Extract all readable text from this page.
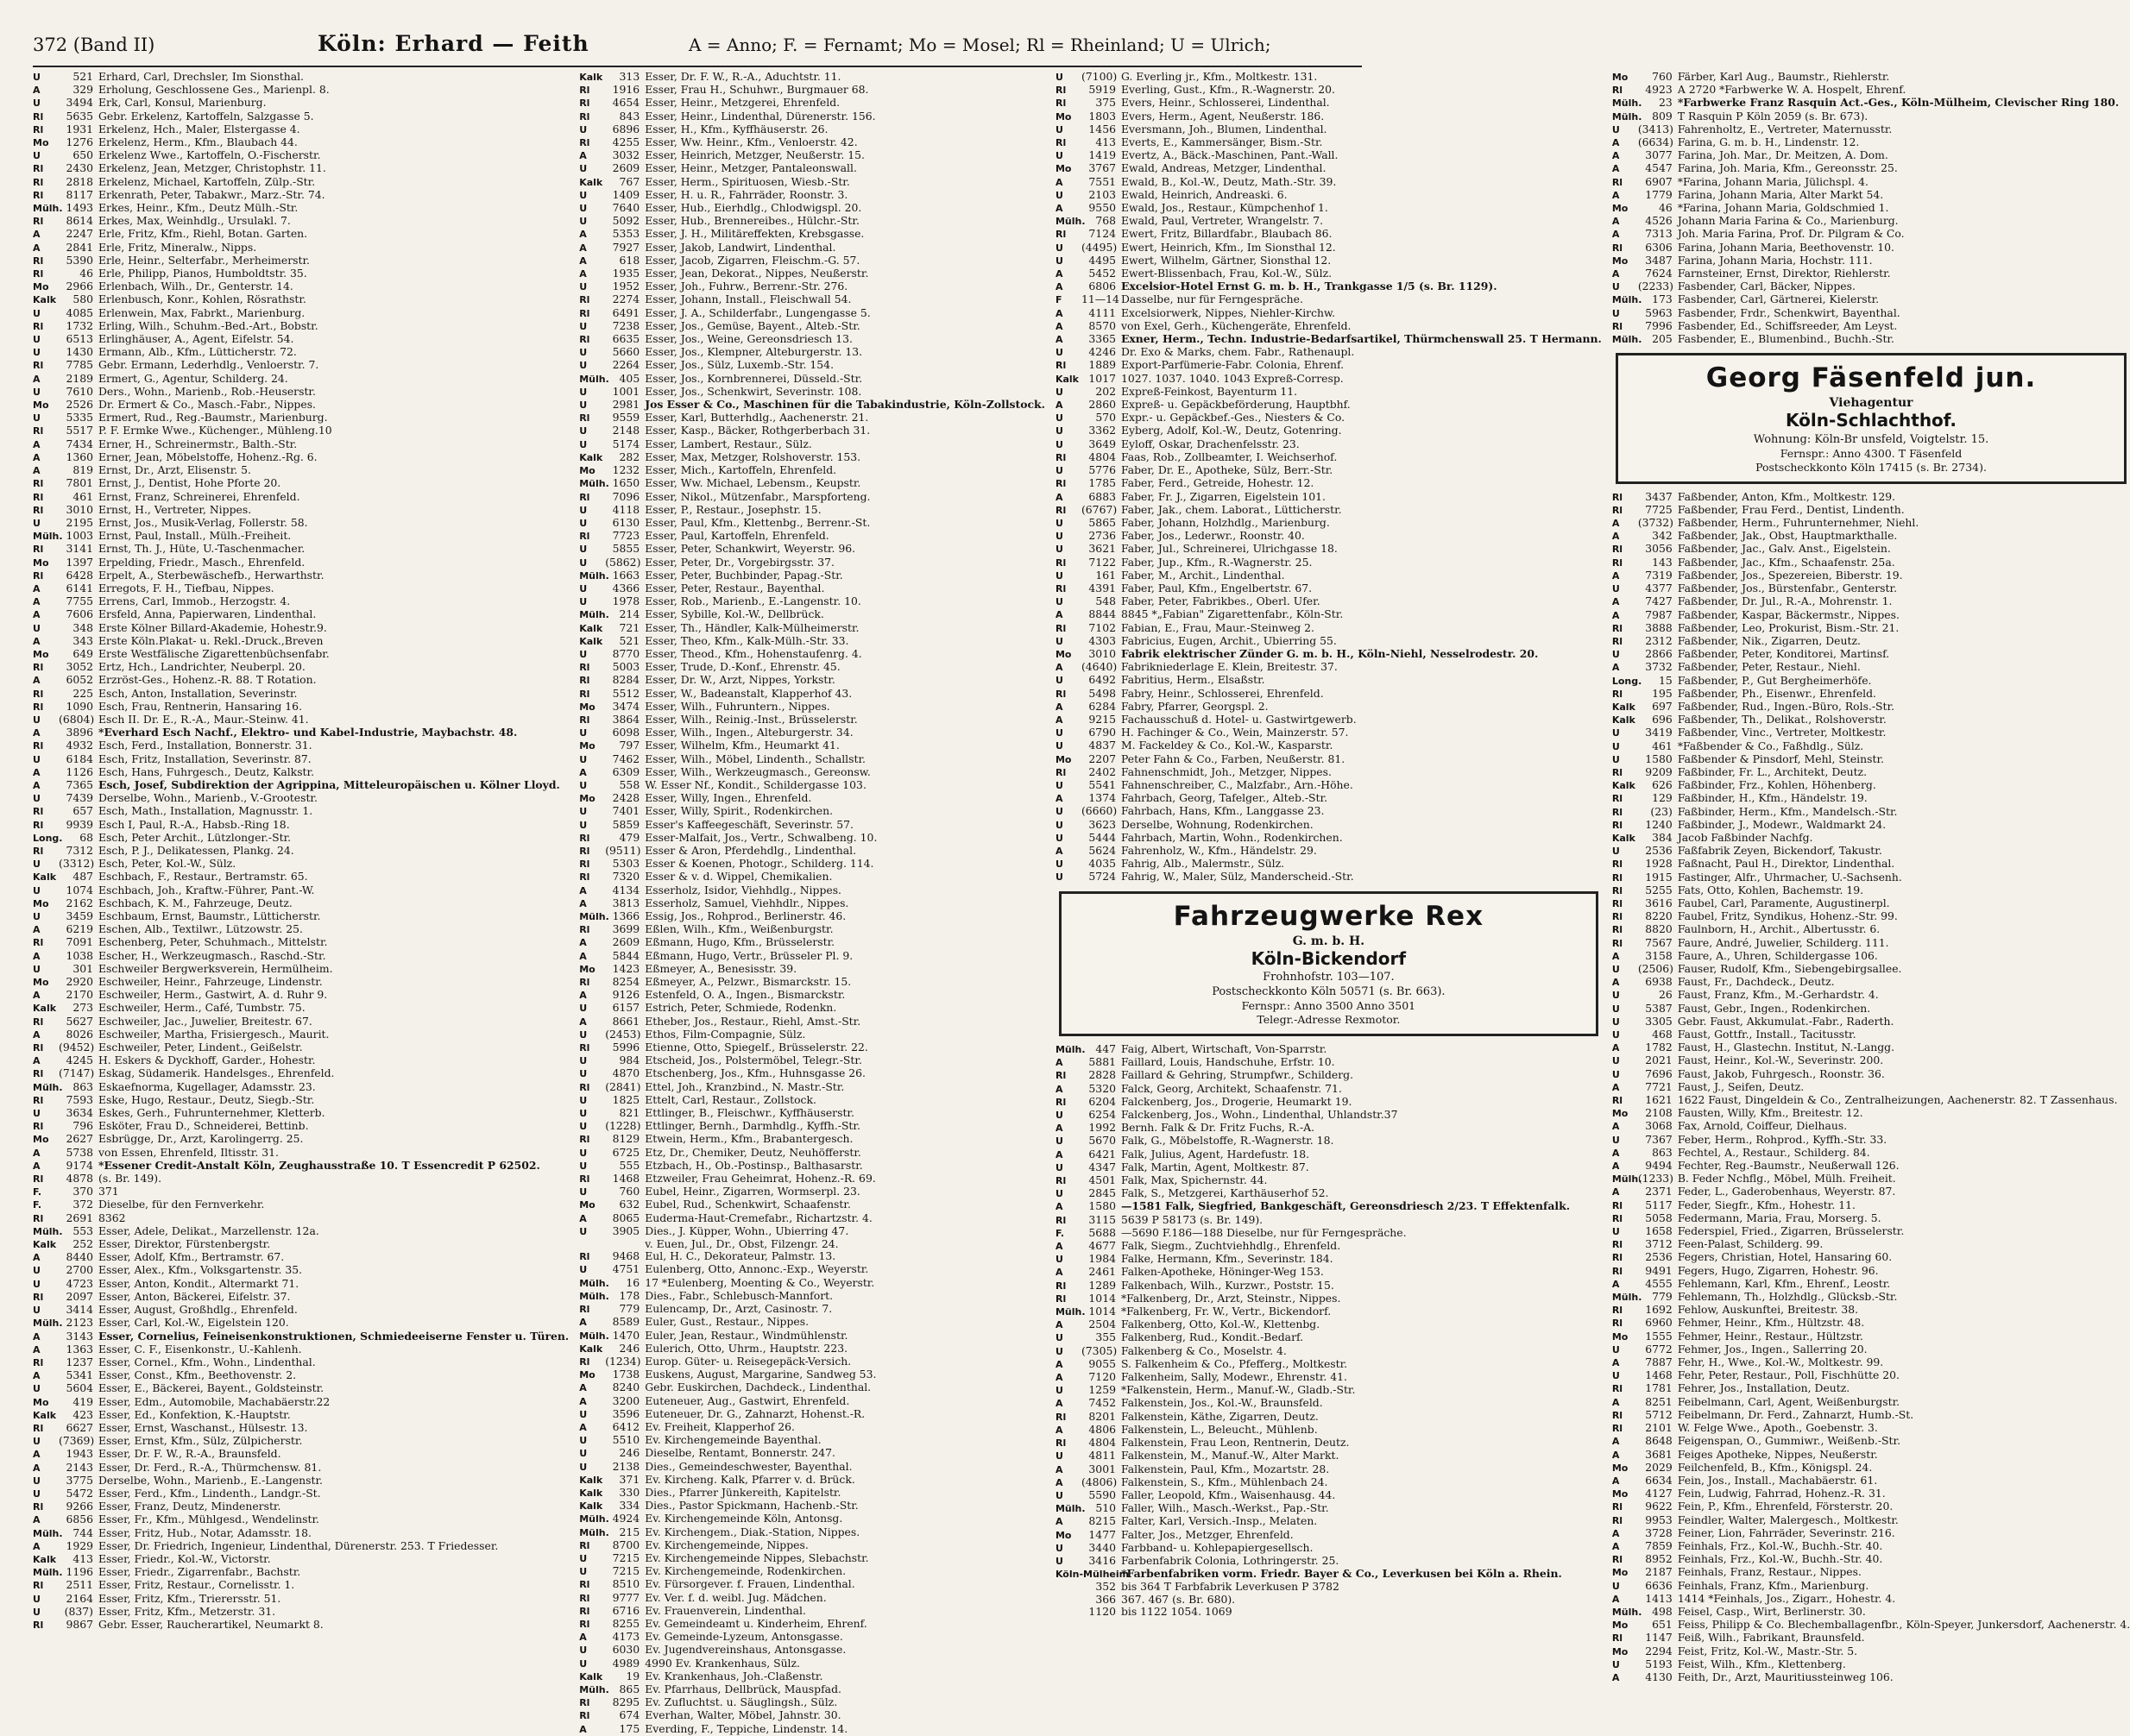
372 (Band II)	Köln: Erhard — Feith	A = Anno; F. = Fernamt; Mo = Mosel; Rl = Rheinland; U = Ulrich;
U	521 Erhard, Carl, Drechsler, Im Sionsthal.
A	329 Erholung, Geschlossene Ges., Marienpl. 8.
U 3494 Erk, Carl, Konsul, Marienburg.
Rl 5635 Gebr. Erkelenz, Kartoffeln, Salzgasse 5.
Rl 1931 Erkelenz, Hch., Maler, Elstergasse 4.
Mo 1276 Erkelenz, Herm., Kfm., Blaubach 44.
U	650 Erkelenz Wwe., Kartoffeln, O.-Fischerstr.
Rl 2430 Erkelenz, Jean, Metzger, Christophstr. 11.
Rl 2818 Erkelenz, Michael, Kartoffeln, Zülp.-Str.
Rl 8117 Erkenrath, Peter, Tabakwr., Marz.-Str. 74.
Mülh. 1493 Erkes, Heinr., Kfm., Deutz Mülh.-Str.
Rl 8614 Erkes, Max, Weinhdlg., Ursulakl. 7.
A 2247 Erle, Fritz, Kfm., Riehl, Botan. Garten.
A 2841 Erle, Fritz, Mineralw., Nipps.
Rl 5390 Erle, Heinr., Selterfabr., Merheimerstr.
Rl	46 Erle, Philipp, Pianos, Humboldtstr. 35.
Mo 2966 Erlenbach, Wilh., Dr., Genterstr. 14.
Kalk 580 Erlenbusch, Konr., Kohlen, Rösrathstr.
U 4085 Erlenwein, Max, Fabrkt., Marienburg.
Rl 1732 Erling, Wilh., Schuhm.-Bed.-Art., Bobstr.
U 6513 Erlinghäuser, A., Agent, Eifelstr. 54.
U 1430 Ermann, Alb., Kfm., Lütticherstr. 72.
Rl 7785 Gebr. Ermann, Lederhdlg., Venloerstr. 7.
A 2189 Ermert, G., Agentur, Schilderg. 24.
U 7610 Ders., Wohn., Marienb., Rob.-Heuserstr.
Mo 2526 Dr. Ermert & Co., Masch.-Fabr., Nippes.
U 5335 Ermert, Rud., Reg.-Baumstr., Marienburg.
Rl 5517 P. F. Ermke Wwe., Küchenger., Mühleng.10
A 7434 Erner, H., Schreinermstr., Balth.-Str.
A 1360 Erner, Jean, Möbelstoffe, Hohenz.-Rg. 6.
A	819 Ernst, Dr., Arzt, Elisenstr. 5.
Rl 7801 Ernst, J., Dentist, Hohe Pforte 20.
Rl	461 Ernst, Franz, Schreinerei, Ehrenfeld.
Rl 3010 Ernst, H., Vertreter, Nippes.
U 2195 Ernst, Jos., Musik-Verlag, Follerstr. 58.
Mülh. 1003 Ernst, Paul, Install., Mülh.-Freiheit.
Rl 3141 Ernst, Th. J., Hüte, U.-Taschenmacher.
Mo 1397 Erpelding, Friedr., Masch., Ehrenfeld.
Rl 6428 Erpelt, A., Sterbewäschefb., Herwarthstr.
A 6141 Erregots, F. H., Tiefbau, Nippes.
A 7755 Errens, Carl, Immob., Herzogstr. 4.
A 7606 Ersfeld, Anna, Papierwaren, Lindenthal.
U	348 Erste Kölner Billard-Akademie, Hohestr.9.
A	343 Erste Köln.Plakat- u. Rekl.-Druck.,Breven
Mo 649 Erste Westfälische Zigarettenbüchsenfabr.
Rl 3052 Ertz, Hch., Landrichter, Neuberpl. 20.
A 6052 Erzröst-Ges., Hohenz.-R. 88. T Rotation.
Rl	225 Esch, Anton, Installation, Severinstr.
Rl 1090 Esch, Frau, Rentnerin, Hansaring 16.
U (6804) Esch II. Dr. E., R.-A., Maur.-Steinw. 41.
A 3896 *Everhard Esch Nachf., Elektro- und Kabel-Industrie, Maybachstr. 48.
Rl 4932 Esch, Ferd., Installation, Bonnerstr. 31.
U 6184 Esch, Fritz, Installation, Severinstr. 87.
A 1126 Esch, Hans, Fuhrgesch., Deutz, Kalkstr.
A 7365 Esch, Josef, Subdirektion der Agrippina, Mitteleuropäischen u. Kölner Lloyd.
U 7439 Derselbe, Wohn., Marienb., V.-Grootestr.
Rl	657 Esch, Math., Installation, Magnusstr. 1.
Rl 9939 Esch I, Paul, R.-A., Habsb.-Ring 18.
Long. 68 Esch, Peter Archit., Lützlonger.-Str.
Rl 7312 Esch, P. J., Delikatessen, Plankg. 24.
U (3312) Esch, Peter, Kol.-W., Sülz.
Kalk 487 Eschbach, F., Restaur., Bertramstr. 65.
U 1074 Eschbach, Joh., Kraftw.-Führer, Pant.-W.
Mo 2162 Eschbach, K. M., Fahrzeuge, Deutz.
U 3459 Eschbaum, Ernst, Baumstr., Lütticherstr.
A 6219 Eschen, Alb., Textilwr., Lützowstr. 25.
Rl 7091 Eschenberg, Peter, Schuhmach., Mittelstr.
A 1038 Escher, H., Werkzeugmasch., Raschd.-Str.
U	301 Eschweiler Bergwerksverein, Hermülheim.
Mo 2920 Eschweiler, Heinr., Fahrzeuge, Lindenstr.
A 2170 Eschweiler, Herm., Gastwirt, A. d. Ruhr 9.
Kalk 273 Eschweiler, Herm., Café, Tumbstr. 75.
Rl 5627 Eschweiler, Jac., Juwelier, Breitestr. 67.
A 8026 Eschweiler, Martha, Frisiergesch., Maurit.
Rl (9452) Eschweiler, Peter, Lindent., Geißelstr.
A 4245 H. Eskers & Dyckhoff, Garder., Hohestr.
Rl (7147) Eskag, Südamerik. Handelsges., Ehrenfeld.
Mülh. 863 Eskaefnorma, Kugellager, Adamsstr. 23.
Rl 7593 Eske, Hugo, Restaur., Deutz, Siegb.-Str.
U 3634 Eskes, Gerh., Fuhrunternehmer, Kletterb.
Rl	796 Esköter, Frau D., Schneiderei, Bettinb.
Mo 2627 Esbrügge, Dr., Arzt, Karolingerrg. 25.
A 5738 von Essen, Ehrenfeld, Iltisstr. 31.
A 9174 *Essener Credit-Anstalt Köln, Zeughausstraße 10. T Essencredit P 62502.
Rl 4878 (s. Br. 149).
F.	370 371
F.	372 Dieselbe, für den Fernverkehr.
Rl 2691 8362
Mülh. 553 Esser, Adele, Delikat., Marzellenstr. 12a.
Kalk 252 Esser, Direktor, Fürstenbergstr.
A 8440 Esser, Adolf, Kfm., Bertramstr. 67.
U 2700 Esser, Alex., Kfm., Volksgartenstr. 35.
U 4723 Esser, Anton, Kondit., Altermarkt 71.
Rl 2097 Esser, Anton, Bäckerei, Eifelstr. 37.
U 3414 Esser, August, Großhdlg., Ehrenfeld.
Mülh. 2123 Esser, Carl, Kol.-W., Eigelstein 120.
A 3143 Esser, Cornelius, Feineisenkonstruktionen, Schmiedeeiserne Fenster u. Türen.
A 1363 Esser, C. F., Eisenkonstr., U.-Kahlenh.
Rl 1237 Esser, Cornel., Kfm., Wohn., Lindenthal.
A 5341 Esser, Const., Kfm., Beethovenstr. 2.
U 5604 Esser, E., Bäckerei, Bayent., Goldsteinstr.
Mo 419 Esser, Edm., Automobile, Machabäerstr.22
Kalk 423 Esser, Ed., Konfektion, K.-Hauptstr.
Rl 6627 Esser, Ernst, Waschanst., Hülsestr. 13.
U (7369) Esser, Ernst, Kfm., Sülz, Zülpicherstr.
A 1943 Esser, Dr. F. W., R.-A., Braunsfeld.
A 2143 Esser, Dr. Ferd., R.-A., Thürmchensw. 81.
U 3775 Derselbe, Wohn., Marienb., E.-Langenstr.
U 5472 Esser, Ferd., Kfm., Lindenth., Landgr.-St.
Rl 9266 Esser, Franz, Deutz, Mindenerstr.
A 6856 Esser, Fr., Kfm., Mühlgesd., Wendelinstr.
Mülh. 744 Esser, Fritz, Hub., Notar, Adamsstr. 18.
A 1929 Esser, Dr. Friedrich, Ingenieur, Lindenthal, Dürenerstr. 253. T Friedesser.
Kalk 413 Esser, Friedr., Kol.-W., Victorstr.
Mülh. 1196 Esser, Friedr., Zigarrenfabr., Bachstr.
Rl 2511 Esser, Fritz, Restaur., Cornelisstr. 1.
U 2164 Esser, Fritz, Kfm., Trierersstr. 51.
U (837) Esser, Fritz, Kfm., Metzerstr. 31.
Rl 9867 Gebr. Esser, Raucherartikel, Neumarkt 8.
Kalk 313 Esser, Dr. F. W., R.-A., Aduchtstr. 11.
Rl 1916 Esser, Frau H., Schuhwr., Burgmauer 68.
Rl 4654 Esser, Heinr., Metzgerei, Ehrenfeld.
Rl	843 Esser, Heinr., Lindenthal, Dürenerstr. 156.
U 6896 Esser, H., Kfm., Kyffhäuserstr. 26.
Rl 4255 Esser, Ww. Heinr., Kfm., Venloerstr. 42.
A 3032 Esser, Heinrich, Metzger, Neußerstr. 15.
U 2609 Esser, Heinr., Metzger, Pantaleonswall.
Kalk 767 Esser, Herm., Spirituosen, Wiesb.-Str.
U 1409 Esser, H. u. R., Fahrräder, Roonstr. 3.
U 7640 Esser, Hub., Eierhdlg., Chlodwigspl. 20.
U 5092 Esser, Hub., Brennereibes., Hülchr.-Str.
A 5353 Esser, J. H., Militäreffekten, Krebsgasse.
A 7927 Esser, Jakob, Landwirt, Lindenthal.
A	618 Esser, Jacob, Zigarren, Fleischm.-G. 57.
A 1935 Esser, Jean, Dekorat., Nippes, Neußerstr.
U 1952 Esser, Joh., Fuhrw., Berrenr.-Str. 276.
Rl 2274 Esser, Johann, Install., Fleischwall 54.
Rl 6491 Esser, J. A., Schilderfabr., Lungengasse 5.
U 7238 Esser, Jos., Gemüse, Bayent., Alteb.-Str.
Rl 6635 Esser, Jos., Weine, Gereonsdriesch 13.
U 5660 Esser, Jos., Klempner, Alteburgerstr. 13.
U 2264 Esser, Jos., Sülz, Luxemb.-Str. 154.
Mülh. 405 Esser, Jos., Kornbrennerei, Düsseld.-Str.
U 1001 Esser, Jos., Schenkwirt, Severinstr. 108.
U 2981 Jos Esser & Co., Maschinen für die Tabakindustrie, Köln-Zollstock.
Rl 9559 Esser, Karl, Butterhdlg., Aachenerstr. 21.
U 2148 Esser, Kasp., Bäcker, Rothgerberbach 31.
U 5174 Esser, Lambert, Restaur., Sülz.
Kalk 282 Esser, Max, Metzger, Rolshoverstr. 153.
Mo 1232 Esser, Mich., Kartoffeln, Ehrenfeld.
Mülh. 1650 Esser, Ww. Michael, Lebensm., Keupstr.
Rl 7096 Esser, Nikol., Mützenfabr., Marspforteng.
U 4118 Esser, P., Restaur., Josephstr. 15.
U 6130 Esser, Paul, Kfm., Klettenbg., Berrenr.-St.
Rl 7723 Esser, Paul, Kartoffeln, Ehrenfeld.
U 5855 Esser, Peter, Schankwirt, Weyerstr. 96.
U (5862) Esser, Peter, Dr., Vorgebirgsstr. 37.
Mülh. 1663 Esser, Peter, Buchbinder, Papag.-Str.
U 4366 Esser, Peter, Restaur., Bayenthal.
U 1978 Esser, Rob., Marienb., E.-Langenstr. 10.
Mülh. 214 Esser, Sybille, Kol.-W., Dellbrück.
Kalk 721 Esser, Th., Händler, Kalk-Mülheimerstr.
Kalk 521 Esser, Theo, Kfm., Kalk-Mülh.-Str. 33.
U 8770 Esser, Theod., Kfm., Hohenstaufenrg. 4.
Rl 5003 Esser, Trude, D.-Konf., Ehrenstr. 45.
Rl 8284 Esser, Dr. W., Arzt, Nippes, Yorkstr.
Rl 5512 Esser, W., Badeanstalt, Klapperhof 43.
Mo 3474 Esser, Wilh., Fuhruntern., Nippes.
Rl 3864 Esser, Wilh., Reinig.-Inst., Brüsselerstr.
U 6098 Esser, Wilh., Ingen., Alteburgerstr. 34.
Mo 797 Esser, Wilhelm, Kfm., Heumarkt 41.
U 7462 Esser, Wilh., Möbel, Lindenth., Schallstr.
A 6309 Esser, Wilh., Werkzeugmasch., Gereonsw.
U	558 W. Esser Nf., Kondit., Schildergasse 103.
Mo 2428 Esser, Willy, Ingen., Ehrenfeld.
U 7401 Esser, Willy, Spirit., Rodenkirchen.
U 5859 Esser's Kaffeegeschäft, Severinstr. 57.
Rl	479 Esser-Malfait, Jos., Vertr., Schwalbeng. 10.
Rl (9511) Esser & Aron, Pferdehdlg., Lindenthal.
Rl 5303 Esser & Koenen, Photogr., Schilderg. 114.
Rl 7320 Esser & v. d. Wippel, Chemikalien.
A 4134 Esserholz, Isidor, Viehhdlg., Nippes.
A 3813 Esserholz, Samuel, Viehhdlr., Nippes.
Mülh. 1366 Essig, Jos., Rohprod., Berlinerstr. 46.
Rl 3699 Eßlen, Wilh., Kfm., Weißenburgstr.
A 2609 Eßmann, Hugo, Kfm., Brüsselerstr.
A 5844 Eßmann, Hugo, Vertr., Brüsseler Pl. 9.
Mo 1423 Eßmeyer, A., Benesisstr. 39.
Rl 8254 Eßmeyer, A., Pelzwr., Bismarckstr. 15.
A 9126 Estenfeld, O. A., Ingen., Bismarckstr.
U 6157 Estrich, Peter, Schmiede, Rodenkn.
A 8661 Etheber, Jos., Restaur., Riehl, Amst.-Str.
U (2453) Ethos, Film-Compagnie, Sülz.
Rl 5996 Etienne, Otto, Spiegelf., Brüsselerstr. 22.
U	984 Etscheid, Jos., Polstermöbel, Telegr.-Str.
U 4870 Etschenberg, Jos., Kfm., Huhnsgasse 26.
Rl (2841) Ettel, Joh., Kranzbind., N. Mastr.-Str.
U 1825 Ettelt, Carl, Restaur., Zollstock.
U	821 Ettlinger, B., Fleischwr., Kyffhäuserstr.
U (1228) Ettlinger, Bernh., Darmhdlg., Kyffh.-Str.
Rl 8129 Etwein, Herm., Kfm., Brabantergesch.
U 6725 Etz, Dr., Chemiker, Deutz, Neuhöfferstr.
U	555 Etzbach, H., Ob.-Postinsp., Balthasarstr.
Rl 1468 Etzweiler, Frau Geheimrat, Hohenz.-R. 69.
U	760 Eubel, Heinr., Zigarren, Wormserpl. 23.
Mo 632 Eubel, Rud., Schenkwirt, Schaafenstr.
A 8065 Euderma-Haut-Cremefabr., Richartzstr. 4.
U 3905 Dies., J. Küpper, Wohn., Ubierring 47.
v. Euen, Jul., Dr., Obst, Filzengr. 24.
Rl 9468 Eul, H. C., Dekorateur, Palmstr. 13.
U 4751 Eulenberg, Otto, Annonc.-Exp., Weyerstr.
Mülh. 16 17 *Eulenberg, Moenting & Co., Weyerstr.
Mülh. 178 Dies., Fabr., Schlebusch-Mannfort.
Rl	779 Eulencamp, Dr., Arzt, Casinostr. 7.
A 8589 Euler, Gust., Restaur., Nippes.
Mülh. 1470 Euler, Jean, Restaur., Windmühlenstr.
Kalk 246 Eulerich, Otto, Uhrm., Hauptstr. 223.
Rl (1234) Europ. Güter- u. Reisegepäck-Versich.
Mo 1738 Euskens, August, Margarine, Sandweg 53.
A 8240 Gebr. Euskirchen, Dachdeck., Lindenthal.
A 3200 Euteneuer, Aug., Gastwirt, Ehrenfeld.
U 3596 Euteneuer, Dr. G., Zahnarzt, Hohenst.-R.
A 6412 Ev. Freiheit, Klapperhof 26.
U 5510 Ev. Kirchengemeinde Bayenthal.
U	246 Dieselbe, Rentamt, Bonnerstr. 247.
U 2138 Dies., Gemeindeschwester, Bayenthal.
Kalk 371 Ev. Kircheng. Kalk, Pfarrer v. d. Brück.
Kalk 330 Dies., Pfarrer Jünkereith, Kapitelstr.
Kalk 334 Dies., Pastor Spickmann, Hachenb.-Str.
Mülh. 4924 Ev. Kirchengemeinde Köln, Antonsg.
Mülh. 215 Ev. Kirchengem., Diak.-Station, Nippes.
Rl 8700 Ev. Kirchengemeinde, Nippes.
U 7215 Ev. Kirchengemeinde Nippes, Slebachstr.
U 7215 Ev. Kirchengemeinde, Rodenkirchen.
Rl 8510 Ev. Fürsorgever. f. Frauen, Lindenthal.
Rl 9777 Ev. Ver. f. d. weibl. Jug. Mädchen.
Rl 6716 Ev. Frauenverein, Lindenthal.
Rl 8255 Ev. Gemeindeamt u. Kinderheim, Ehrenf.
A 4173 Ev. Gemeinde-Lyzeum, Antonsgasse.
U 6030 Ev. Jugendvereinshaus, Antonsgasse.
U 4989 4990 Ev. Krankenhaus, Sülz.
Kalk 19 Ev. Krankenhaus, Joh.-Claßenstr.
Mülh. 865 Ev. Pfarrhaus, Dellbrück, Mauspfad.
Rl 8295 Ev. Zufluchtst. u. Säuglingsh., Sülz.
Rl	674 Everhan, Walter, Möbel, Jahnstr. 30.
A	175 Everding, F., Teppiche, Lindenstr. 14.
U (7100) G. Everling jr., Kfm., Moltkestr. 131.
Rl 5919 Everling, Gust., Kfm., R.-Wagnerstr. 20.
Rl	375 Evers, Heinr., Schlosserei, Lindenthal.
Mo 1803 Evers, Herm., Agent, Neußerstr. 186.
U 1456 Eversmann, Joh., Blumen, Lindenthal.
Rl	413 Everts, E., Kammersänger, Bism.-Str.
U 1419 Evertz, A., Bäck.-Maschinen, Pant.-Wall.
Mo 3767 Ewald, Andreas, Metzger, Lindenthal.
A 7551 Ewald, B., Kol.-W., Deutz, Math.-Str. 39.
U 2103 Ewald, Heinrich, Andreaski. 6.
A 9550 Ewald, Jos., Restaur., Kümpchenhof 1.
Mülh. 768 Ewald, Paul, Vertreter, Wrangelstr. 7.
Rl 7124 Ewert, Fritz, Billardfabr., Blaubach 86.
U (4495) Ewert, Heinrich, Kfm., Im Sionsthal 12.
U 4495 Ewert, Wilhelm, Gärtner, Sionsthal 12.
A 5452 Ewert-Blissenbach, Frau, Kol.-W., Sülz.
A 6806 Excelsior-Hotel Ernst G. m. b. H., Trankgasse 1/5 (s. Br. 1129).
F 11—14 Dasselbe, nur für Ferngespräche.
A 4111 Excelsiorwerk, Nippes, Niehler-Kirchw.
A 8570 von Exel, Gerh., Küchengeräte, Ehrenfeld.
A 3365 Exner, Herm., Techn. Industrie-Bedarfsartikel, Thürmchenswall 25. T Hermann.
U 4246 Dr. Exo & Marks, chem. Fabr., Rathenaupl.
Rl 1889 Export-Parfümerie-Fabr. Colonia, Ehrenf.
Kalk 1017 1027. 1037. 1040. 1043 Expreß-Corresp.
U	202 Expreß-Feinkost, Bayenturm 11.
A 2860 Expreß- u. Gepäckbeförderung, Hauptbhf.
U	570 Expr.- u. Gepäckbef.-Ges., Niesters & Co.
U 3362 Eyberg, Adolf, Kol.-W., Deutz, Gotenring.
U 3649 Eyloff, Oskar, Drachenfelsstr. 23.
Rl 4804 Faas, Rob., Zollbeamter, I. Weichserhof.
U 5776 Faber, Dr. E., Apotheke, Sülz, Berr.-Str.
Rl 1785 Faber, Ferd., Getreide, Hohestr. 12.
A 6883 Faber, Fr. J., Zigarren, Eigelstein 101.
Rl (6767) Faber, Jak., chem. Laborat., Lütticherstr.
U 5865 Faber, Johann, Holzhdlg., Marienburg.
U 2736 Faber, Jos., Lederwr., Roonstr. 40.
U 3621 Faber, Jul., Schreinerei, Ulrichgasse 18.
Rl 7122 Faber, Jup., Kfm., R.-Wagnerstr. 25.
U	161 Faber, M., Archit., Lindenthal.
Rl 4391 Faber, Paul, Kfm., Engelbertstr. 67.
U	548 Faber, Peter, Fabrikbes., Oberl. Ufer.
A 8844 8845 *„Fabian" Zigarettenfabr., Köln-Str.
Rl 7102 Fabian, E., Frau, Maur.-Steinweg 2.
U 4303 Fabricius, Eugen, Archit., Ubierring 55.
Mo 3010 Fabrik elektrischer Zünder G. m. b. H., Köln-Niehl, Nesselrodestr. 20.
A (4640) Fabrikniederlage E. Klein, Breitestr. 37.
U 6492 Fabritius, Herm., Elsaßstr.
Rl 5498 Fabry, Heinr., Schlosserei, Ehrenfeld.
A 6284 Fabry, Pfarrer, Georgspl. 2.
A 9215 Fachausschuß d. Hotel- u. Gastwirtgewerb.
U 6790 H. Fachinger & Co., Wein, Mainzerstr. 57.
U 4837 M. Fackeldey & Co., Kol.-W., Kasparstr.
Mo 2207 Peter Fahn & Co., Farben, Neußerstr. 81.
Rl 2402 Fahnenschmidt, Joh., Metzger, Nippes.
U 5541 Fahnenschreiber, C., Malzfabr., Arn.-Höhe.
A 1374 Fahrbach, Georg, Tafelger., Alteb.-Str.
U (6660) Fahrbach, Hans, Kfm., Langgasse 23.
U 3623 Derselbe, Wohnung, Rodenkirchen.
U 5444 Fahrbach, Martin, Wohn., Rodenkirchen.
A 5624 Fahrenholz, W., Kfm., Händelstr. 29.
U 4035 Fahrig, Alb., Malermstr., Sülz.
U 5724 Fahrig, W., Maler, Sülz, Manderscheid.-Str.
Fahrzeugwerke Rex
G. m. b. H.
Köln-Bickendorf
Frohnhofstr. 103—107.
Postscheckkonto Köln 50571 (s. Br. 663).
Fernspr.: Anno 3500 Anno 3501
Telegr.-Adresse Rexmotor.
Mülh. 447 Faig, Albert, Wirtschaft, Von-Sparrstr.
A 5881 Faillard, Louis, Handschuhe, Erfstr. 10.
Rl 2828 Faillard & Gehring, Strumpfwr., Schilderg.
A 5320 Falck, Georg, Architekt, Schaafenstr. 71.
Rl 6204 Falckenberg, Jos., Drogerie, Heumarkt 19.
U 6254 Falckenberg, Jos., Wohn., Lindenthal, Uhlandstr.37
A 1992 Bernh. Falk & Dr. Fritz Fuchs, R.-A.
U 5670 Falk, G., Möbelstoffe, R.-Wagnerstr. 18.
A 6421 Falk, Julius, Agent, Hardefustr. 18.
U 4347 Falk, Martin, Agent, Moltkestr. 87.
Rl 4501 Falk, Max, Spichernstr. 44.
U 2845 Falk, S., Metzgerei, Karthäuserhof 52.
A 1580 —1581 Falk, Siegfried, Bankgeschäft, Gereonsdriesch 2/23. T Effektenfalk.
Rl 3115 5639 P 58173 (s. Br. 149).
F. 5688 —5690 F.186—188 Dieselbe, nur für Ferngespräche.
A 4677 Falk, Siegm., Zuchtviehhdlg., Ehrenfeld.
U 1984 Falke, Hermann, Kfm., Severinstr. 184.
A 2461 Falken-Apotheke, Höninger-Weg 153.
Rl 1289 Falkenbach, Wilh., Kurzwr., Poststr. 15.
Rl 1014 *Falkenberg, Dr., Arzt, Steinstr., Nippes.
Mülh. 1014 *Falkenberg, Fr. W., Vertr., Bickendorf.
A 2504 Falkenberg, Otto, Kol.-W., Klettenbg.
U	355 Falkenberg, Rud., Kondit.-Bedarf.
U (7305) Falkenberg & Co., Moselstr. 4.
A 9055 S. Falkenheim & Co., Pfefferg., Moltkestr.
A 7120 Falkenheim, Sally, Modewr., Ehrenstr. 41.
U 1259 *Falkenstein, Herm., Manuf.-W., Gladb.-Str.
A 7452 Falkenstein, Jos., Kol.-W., Braunsfeld.
Rl 8201 Falkenstein, Käthe, Zigarren, Deutz.
A 4806 Falkenstein, L., Beleucht., Mühlenb.
Rl 4804 Falkenstein, Frau Leon, Rentnerin, Deutz.
U 4811 Falkenstein, M., Manuf.-W., Alter Markt.
A 3001 Falkenstein, Paul, Kfm., Mozartstr. 28.
A (4806) Falkenstein, S., Kfm., Mühlenbach 24.
U 5590 Faller, Leopold, Kfm., Waisenhausg. 44.
Mülh. 510 Faller, Wilh., Masch.-Werkst., Pap.-Str.
A 8215 Falter, Karl, Versich.-Insp., Melaten.
Mo 1477 Falter, Jos., Metzger, Ehrenfeld.
U 3440 Farbband- u. Kohlepapiergesellsch.
U 3416 Farbenfabrik Colonia, Lothringerstr. 25.
Köln-Mülheim*Farbenfabriken vorm. Friedr. Bayer & Co., Leverkusen bei Köln a. Rhein.
352 bis 364 T Farbfabrik Leverkusen P 3782
366 367. 467 (s. Br. 680).
1120 bis 1122 1054. 1069
Mo 760 Färber, Karl Aug., Baumstr., Riehlerstr.
Rl 4923 A 2720 *Farbwerke W. A. Hospelt, Ehrenf.
Mülh. 23 *Farbwerke Franz Rasquin Act.-Ges., Köln-Mülheim, Clevischer Ring 180.
Mülh. 809 T Rasquin P Köln 2059 (s. Br. 673).
U (3413) Fahrenholtz, E., Vertreter, Maternusstr.
A (6634) Farina, G. m. b. H., Lindenstr. 12.
A 3077 Farina, Joh. Mar., Dr. Meitzen, A. Dom.
A 4547 Farina, Joh. Maria, Kfm., Gereonsstr. 25.
Rl 6907 *Farina, Johann Maria, Jülichspl. 4.
A 1779 Farina, Johann Maria, Alter Markt 54.
Mo	46 *Farina, Johann Maria, Goldschmied 1.
A 4526 Johann Maria Farina & Co., Marienburg.
A 7313 Joh. Maria Farina, Prof. Dr. Pilgram & Co.
Rl 6306 Farina, Johann Maria, Beethovenstr. 10.
Mo 3487 Farina, Johann Maria, Hochstr. 111.
A 7624 Farnsteiner, Ernst, Direktor, Riehlerstr.
U (2233) Fasbender, Carl, Bäcker, Nippes.
Mülh. 173 Fasbender, Carl, Gärtnerei, Kielerstr.
U 5963 Fasbender, Frdr., Schenkwirt, Bayenthal.
Rl 7996 Fasbender, Ed., Schiffsreeder, Am Leyst.
Mülh. 205 Fasbender, E., Blumenbind., Buchh.-Str.
Georg Fäsenfeld jun.
Viehagentur
Köln-Schlachthof.
Wohnung: Köln-Br unsfeld, Voigtelstr. 15.
Fernspr.: Anno 4300. T Fäsenfeld
Postscheckkonto Köln 17415 (s. Br. 2734).
Rl 3437 Faßbender, Anton, Kfm., Moltkestr. 129.
Rl 7725 Faßbender, Frau Ferd., Dentist, Lindenth.
A (3732) Faßbender, Herm., Fuhrunternehmer, Niehl.
A	342 Faßbender, Jak., Obst, Hauptmarkthalle.
Rl 3056 Faßbender, Jac., Galv. Anst., Eigelstein.
Rl	143 Faßbender, Jac., Kfm., Schaafenstr. 25a.
A 7319 Faßbender, Jos., Spezereien, Biberstr. 19.
U 4377 Faßbender, Jos., Bürstenfabr., Genterstr.
A 7427 Faßbender, Dr. Jul., R.-A., Mohrenstr. 1.
A 7987 Faßbender, Kaspar, Bäckermstr., Nippes.
Rl 3888 Faßbender, Leo, Prokurist, Bism.-Str. 21.
Rl 2312 Faßbender, Nik., Zigarren, Deutz.
U 2866 Faßbender, Peter, Konditorei, Martinsf.
A 3732 Faßbender, Peter, Restaur., Niehl.
Long. 15 Faßbender, P., Gut Bergheimerhöfe.
Rl	195 Faßbender, Ph., Eisenwr., Ehrenfeld.
Kalk 697 Faßbender, Rud., Ingen.-Büro, Rols.-Str.
Kalk 696 Faßbender, Th., Delikat., Rolshoverstr.
U 3419 Faßbender, Vinc., Vertreter, Moltkestr.
U	461 *Faßbender & Co., Faßhdlg., Sülz.
U 1580 Faßbender & Pinsdorf, Mehl, Steinstr.
Rl 9209 Faßbinder, Fr. L., Architekt, Deutz.
Kalk 626 Faßbinder, Frz., Kohlen, Höhenberg.
Rl	129 Faßbinder, H., Kfm., Händelstr. 19.
Rl	(23) Faßbinder, Herm., Kfm., Mandelsch.-Str.
Rl 1240 Faßbinder, J., Modewr., Waldmarkt 24.
Kalk 384 Jacob Faßbinder Nachfg.
U 2536 Faßfabrik Zeyen, Bickendorf, Takustr.
Rl 1928 Faßnacht, Paul H., Direktor, Lindenthal.
Rl 1915 Fastinger, Alfr., Uhrmacher, U.-Sachsenh.
Rl 5255 Fats, Otto, Kohlen, Bachemstr. 19.
Rl 3616 Faubel, Carl, Paramente, Augustinerpl.
Rl 8220 Faubel, Fritz, Syndikus, Hohenz.-Str. 99.
Rl 8820 Faulnborn, H., Archit., Albertusstr. 6.
Rl 7567 Faure, André, Juwelier, Schilderg. 111.
A 3158 Faure, A., Uhren, Schildergasse 106.
U (2506) Fauser, Rudolf, Kfm., Siebengebirgsallee.
A 6938 Faust, Fr., Dachdeck., Deutz.
U	26 Faust, Franz, Kfm., M.-Gerhardstr. 4.
U 5387 Faust, Gebr., Ingen., Rodenkirchen.
U 3305 Gebr. Faust, Akkumulat.-Fabr., Raderth.
U	468 Faust, Gottfr., Install., Tacitusstr.
A 1782 Faust, H., Glastechn. Institut, N.-Langg.
U 2021 Faust, Heinr., Kol.-W., Severinstr. 200.
U 7696 Faust, Jakob, Fuhrgesch., Roonstr. 36.
A 7721 Faust, J., Seifen, Deutz.
Rl 1621 1622 Faust, Dingeldein & Co., Zentralheizungen, Aachenerstr. 82. T Zassenhaus.
Mo 2108 Fausten, Willy, Kfm., Breitestr. 12.
A 3068 Fax, Arnold, Coiffeur, Dielhaus.
U 7367 Feber, Herm., Rohprod., Kyffh.-Str. 33.
A	863 Fechtel, A., Restaur., Schilderg. 84.
A 9494 Fechter, Reg.-Baumstr., Neußerwall 126.
Mülh.(1233) B. Feder Nchflg., Möbel, Mülh. Freiheit.
A 2371 Feder, L., Gaderobenhaus, Weyerstr. 87.
Rl 5117 Feder, Siegfr., Kfm., Hohestr. 11.
Rl 5058 Federmann, Maria, Frau, Morserg. 5.
U 1658 Federspiel, Fried., Zigarren, Brüsselerstr.
Rl 3712 Feen-Palast, Schilderg. 99.
Rl 2536 Fegers, Christian, Hotel, Hansaring 60.
Rl 9491 Fegers, Hugo, Zigarren, Hohestr. 96.
A 4555 Fehlemann, Karl, Kfm., Ehrenf., Leostr.
Mülh. 779 Fehlemann, Th., Holzhdlg., Glücksb.-Str.
Rl 1692 Fehlow, Auskunftei, Breitestr. 38.
Rl 6960 Fehmer, Heinr., Kfm., Hültzstr. 48.
Mo 1555 Fehmer, Heinr., Restaur., Hültzstr.
U 6772 Fehmer, Jos., Ingen., Sallerring 20.
A 7887 Fehr, H., Wwe., Kol.-W., Moltkestr. 99.
U 1468 Fehr, Peter, Restaur., Poll, Fischhütte 20.
Rl 1781 Fehrer, Jos., Installation, Deutz.
A 8251 Feibelmann, Carl, Agent, Weißenburgstr.
Rl 5712 Feibelmann, Dr. Ferd., Zahnarzt, Humb.-St.
Rl 2101 W. Felge Wwe., Apoth., Goebenstr. 3.
A 8648 Feigenspan, O., Gummiwr., Weißenb.-Str.
A 3681 Feiges Apotheke, Nippes, Neußerstr.
Mo 2029 Feilchenfeld, B., Kfm., Königspl. 24.
A 6634 Fein, Jos., Install., Machabäerstr. 61.
Mo 4127 Fein, Ludwig, Fahrrad, Hohenz.-R. 31.
Rl 9622 Fein, P., Kfm., Ehrenfeld, Försterstr. 20.
Rl 9953 Feindler, Walter, Malergesch., Moltkestr.
A 3728 Feiner, Lion, Fahrräder, Severinstr. 216.
A 7859 Feinhals, Frz., Kol.-W., Buchh.-Str. 40.
Rl 8952 Feinhals, Frz., Kol.-W., Buchh.-Str. 40.
Mo 2187 Feinhals, Franz, Restaur., Nippes.
U 6636 Feinhals, Franz, Kfm., Marienburg.
A 1413 1414 *Feinhals, Jos., Zigarr., Hohestr. 4.
Mülh. 498 Feisel, Casp., Wirt, Berlinerstr. 30.
Mo 651 Feiss, Philipp & Co. Blechemballagenfbr., Köln-Speyer, Junkersdorf, Aachenerstr. 4.
Rl 1147 Feiß, Wilh., Fabrikant, Braunsfeld.
Mo 2294 Feist, Fritz, Kol.-W., Mastr.-Str. 5.
U 5193 Feist, Wilh., Kfm., Klettenberg.
A 4130 Feith, Dr., Arzt, Mauritiussteinweg 106.
